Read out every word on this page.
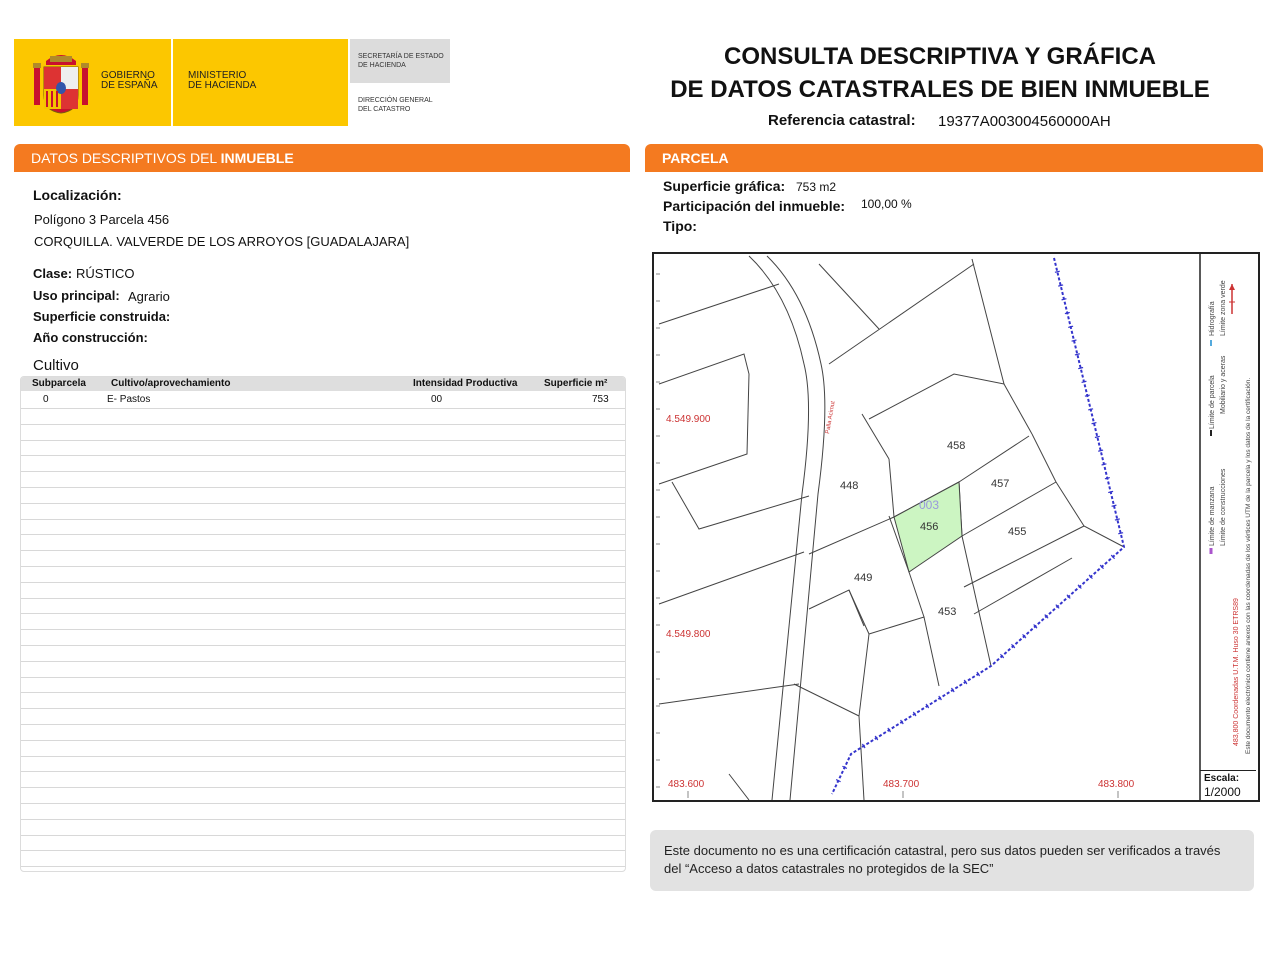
GOBIERNO
DE ESPAÑA
MINISTERIO
DE HACIENDA
SECRETARÍA DE ESTADO
DE HACIENDA
DIRECCIÓN GENERAL
DEL CATASTRO
CONSULTA DESCRIPTIVA Y GRÁFICA
DE DATOS CATASTRALES DE BIEN INMUEBLE
Referencia catastral: 19377A003004560000AH
DATOS DESCRIPTIVOS DEL INMUEBLE
Localización:
Polígono 3 Parcela 456
CORQUILLA. VALVERDE DE LOS ARROYOS [GUADALAJARA]
Clase: RÚSTICO
Uso principal: Agrario
Superficie construida:
Año construcción:
Cultivo
Subparcela	Cultivo/aprovechamiento	Intensidad Productiva	Superficie m²
0	E- Pastos	00	753
PARCELA
Superficie gráfica: 753 m2
Participación del inmueble: 100,00 %
Tipo:
Palla Acimut
4.549.900
4.549.800
483.600	483.700	483.800
458
448	457
456	455
449
453
003	Límite de manzana
Límite de parcela
Hidrografía
Límite de construcciones
Mobiliario y aceras
Límite zona verde
483,800 Coordenadas U.T.M. Huso 30 ETRS89 Este documento electrónico contiene anexos con las coordenadas de los vértices UTM de la parcela y los datos de la certificación.
Escala:
1/2000
Este documento no es una certificación catastral, pero sus datos pueden ser verificados a través del “Acceso a datos catastrales no protegidos de la SEC”
